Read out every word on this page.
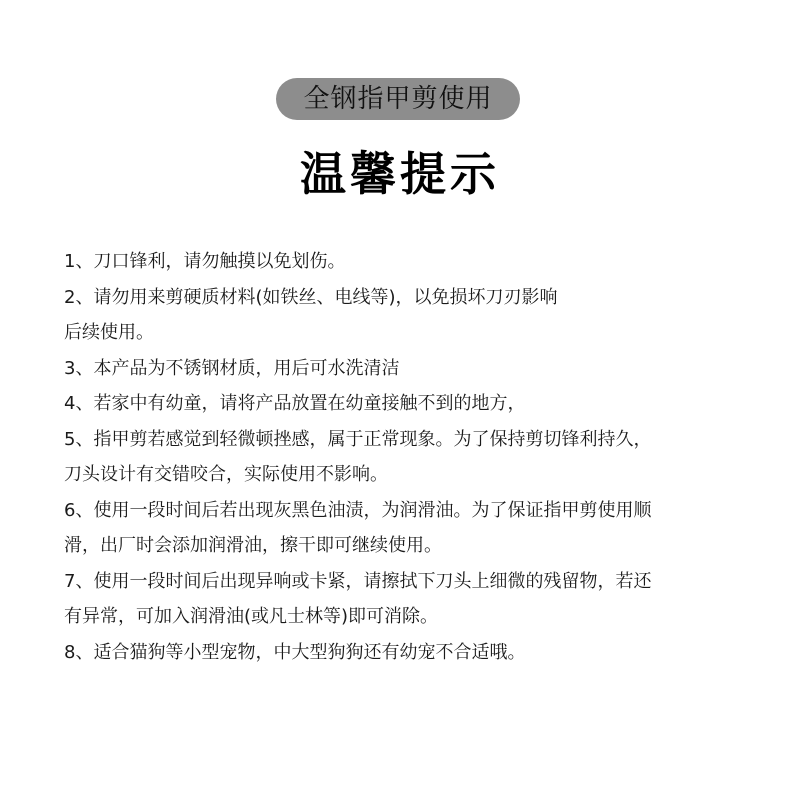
全钢指甲剪使用
温馨提示
1、刀口锋利，请勿触摸以免划伤。
2、请勿用来剪硬质材料(如铁丝、电线等)，以免损坏刀刃影响
后续使用。
3、本产品为不锈钢材质，用后可水洗清洁
4、若家中有幼童，请将产品放置在幼童接触不到的地方，
5、指甲剪若感觉到轻微顿挫感，属于正常现象。为了保持剪切锋利持久，
刀头设计有交错咬合，实际使用不影响。
6、使用一段时间后若出现灰黑色油渍，为润滑油。为了保证指甲剪使用顺
滑，出厂时会添加润滑油，擦干即可继续使用。
7、使用一段时间后出现异响或卡紧，请擦拭下刀头上细微的残留物，若还
有异常，可加入润滑油(或凡士林等)即可消除。
8、适合猫狗等小型宠物，中大型狗狗还有幼宠不合适哦。
